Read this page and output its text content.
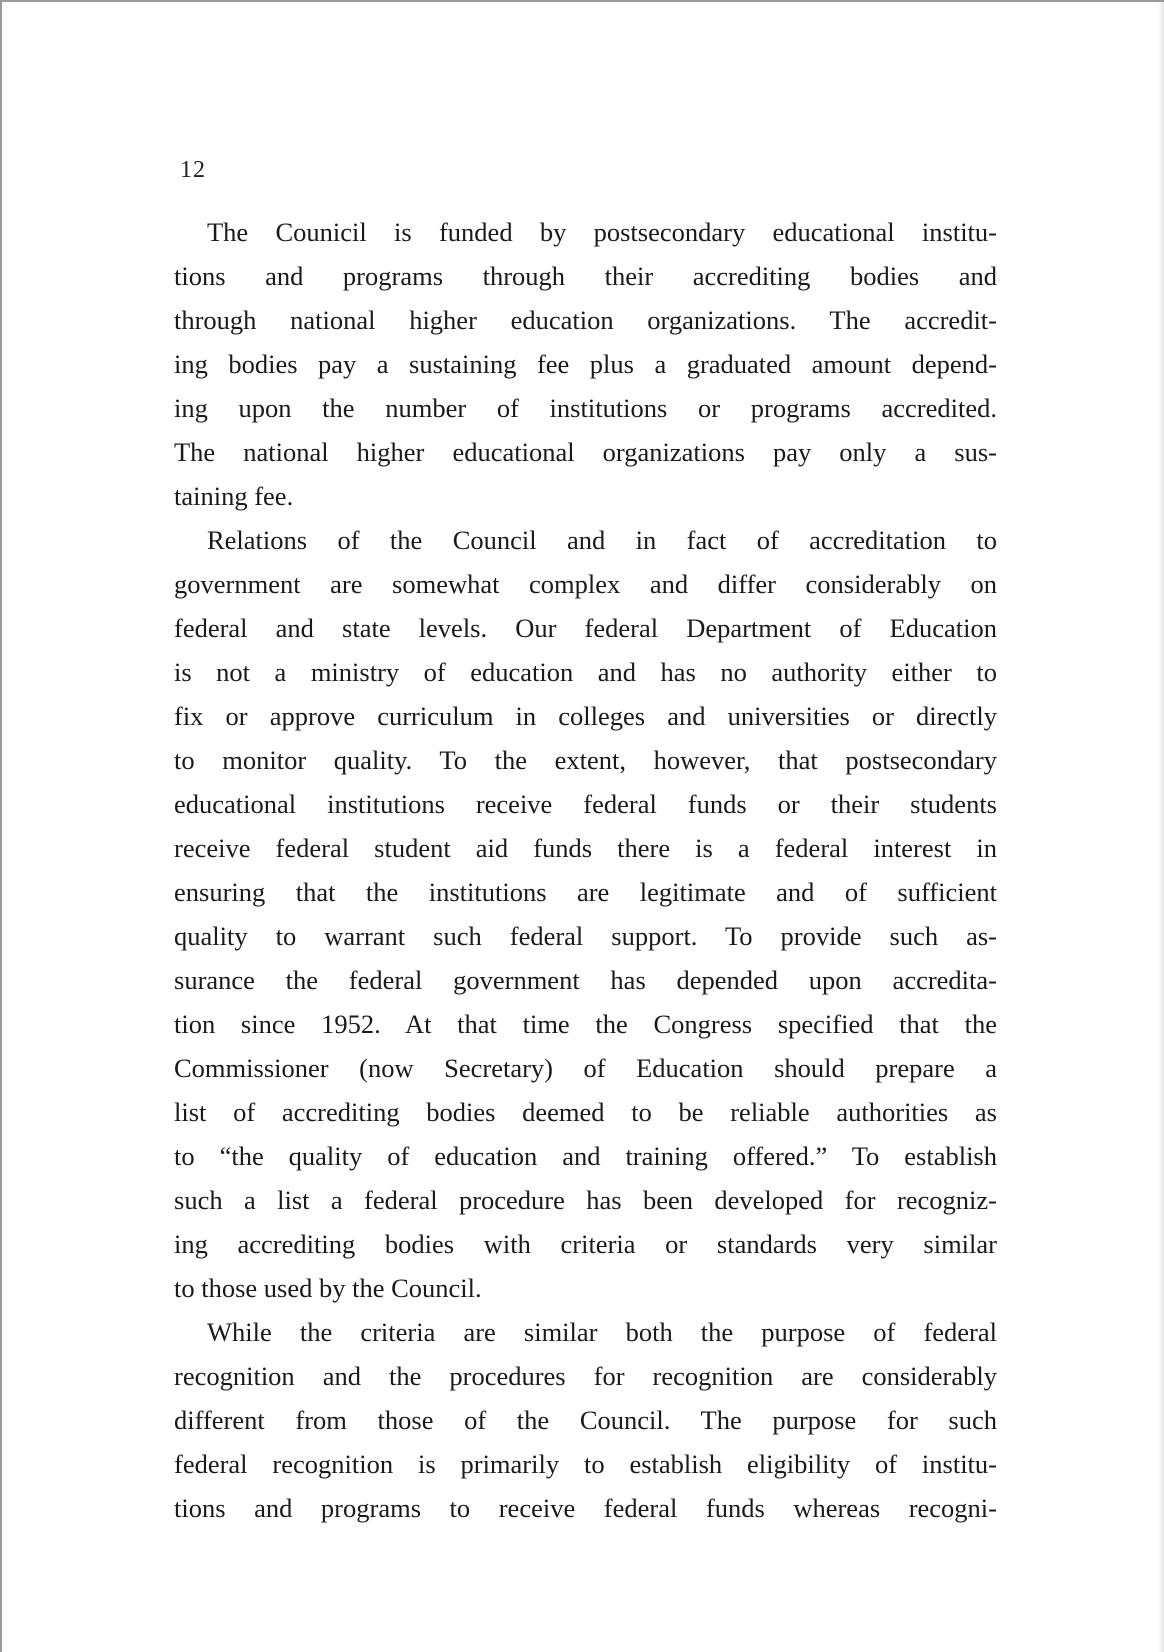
12
The Counicil is funded by postsecondary educational institu-
tions and programs through their accrediting bodies and
through national higher education organizations. The accredit-
ing bodies pay a sustaining fee plus a graduated amount depend-
ing upon the number of institutions or programs accredited.
The national higher educational organizations pay only a sus-
taining fee.
Relations of the Council and in fact of accreditation to
government are somewhat complex and differ considerably on
federal and state levels. Our federal Department of Education
is not a ministry of education and has no authority either to
fix or approve curriculum in colleges and universities or directly
to monitor quality. To the extent, however, that postsecondary
educational institutions receive federal funds or their students
receive federal student aid funds there is a federal interest in
ensuring that the institutions are legitimate and of sufficient
quality to warrant such federal support. To provide such as-
surance the federal government has depended upon accredita-
tion since 1952. At that time the Congress specified that the
Commissioner (now Secretary) of Education should prepare a
list of accrediting bodies deemed to be reliable authorities as
to “the quality of education and training offered.” To establish
such a list a federal procedure has been developed for recogniz-
ing accrediting bodies with criteria or standards very similar
to those used by the Council.
While the criteria are similar both the purpose of federal
recognition and the procedures for recognition are considerably
different from those of the Council. The purpose for such
federal recognition is primarily to establish eligibility of institu-
tions and programs to receive federal funds whereas recogni-
